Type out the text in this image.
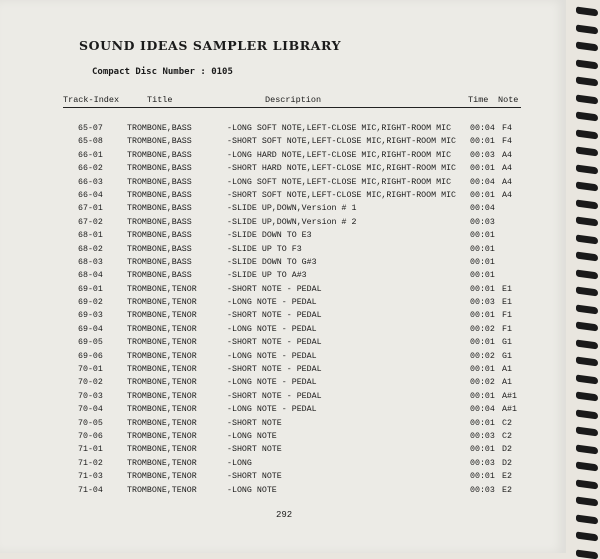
SOUND IDEAS SAMPLER LIBRARY
Compact Disc Number : 0105
Track-Index	Title	Description	Time Note
65-07	TROMBONE,BASS	-LONG SOFT NOTE,LEFT-CLOSE MIC,RIGHT-ROOM MIC 00:04 F4
65-08	TROMBONE,BASS	-SHORT SOFT NOTE,LEFT-CLOSE MIC,RIGHT-ROOM MIC 00:01 F4
66-01	TROMBONE,BASS	-LONG HARD NOTE,LEFT-CLOSE MIC,RIGHT-ROOM MIC 00:03 A4
66-02	TROMBONE,BASS	-SHORT HARD NOTE,LEFT-CLOSE MIC,RIGHT-ROOM MIC 00:01 A4
66-03	TROMBONE,BASS	-LONG SOFT NOTE,LEFT-CLOSE MIC,RIGHT-ROOM MIC 00:04 A4
66-04	TROMBONE,BASS	-SHORT SOFT NOTE,LEFT-CLOSE MIC,RIGHT-ROOM MIC 00:01 A4
67-01	TROMBONE,BASS	-SLIDE UP,DOWN,Version # 1	00:04
67-02	TROMBONE,BASS	-SLIDE UP,DOWN,Version # 2	00:03
68-01	TROMBONE,BASS	-SLIDE DOWN TO E3	00:01
68-02	TROMBONE,BASS	-SLIDE UP TO F3	00:01
68-03	TROMBONE,BASS	-SLIDE DOWN TO G#3	00:01
68-04	TROMBONE,BASS	-SLIDE UP TO A#3	00:01
69-01	TROMBONE,TENOR	-SHORT NOTE - PEDAL	00:01 E1
69-02	TROMBONE,TENOR	-LONG NOTE - PEDAL	00:03 E1
69-03	TROMBONE,TENOR	-SHORT NOTE - PEDAL	00:01 F1
69-04	TROMBONE,TENOR	-LONG NOTE - PEDAL	00:02 F1
69-05	TROMBONE,TENOR	-SHORT NOTE - PEDAL	00:01 G1
69-06	TROMBONE,TENOR	-LONG NOTE - PEDAL	00:02 G1
70-01	TROMBONE,TENOR	-SHORT NOTE - PEDAL	00:01 A1
70-02	TROMBONE,TENOR	-LONG NOTE - PEDAL	00:02 A1
70-03	TROMBONE,TENOR	-SHORT NOTE - PEDAL	00:01 A#1
70-04	TROMBONE,TENOR	-LONG NOTE - PEDAL	00:04 A#1
70-05	TROMBONE,TENOR	-SHORT NOTE	00:01 C2
70-06	TROMBONE,TENOR	-LONG NOTE	00:03 C2
71-01	TROMBONE,TENOR	-SHORT NOTE	00:01 D2
71-02	TROMBONE,TENOR	-LONG	00:03 D2
71-03	TROMBONE,TENOR	-SHORT NOTE	00:01 E2
71-04	TROMBONE,TENOR	-LONG NOTE	00:03 E2
292
